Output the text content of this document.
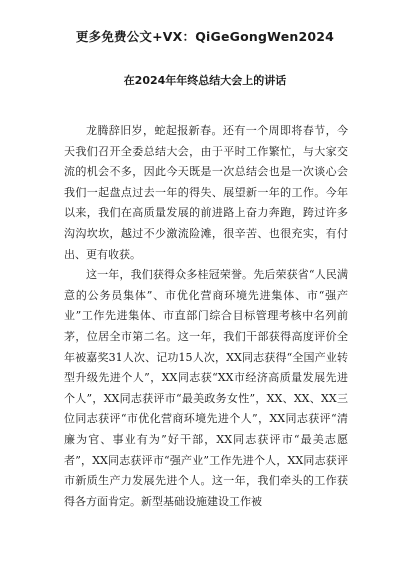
更多免费公文+VX：QiGeGongWen2024
在2024年年终总结大会上的讲话

龙腾辞旧岁，蛇起报新春。还有一个周即将春节，今天我们召开全委总结大会，由于平时工作繁忙，与大家交流的机会不多，因此今天既是一次总结会也是一次谈心会我们一起盘点过去一年的得失、展望新一年的工作。今年以来，我们在高质量发展的前进路上奋力奔跑，跨过许多沟沟坎坎，越过不少激流险滩，很辛苦、也很充实，有付出、更有收获。

这一年，我们获得众多桂冠荣誉。先后荣获省“人民满意的公务员集体”、市优化营商环境先进集体、市“强产业”工作先进集体、市直部门综合目标管理考核中名列前茅，位居全市第二名。这一年，我们干部获得高度评价全年被嘉奖31人次、记功15人次，XX同志获得“全国产业转型升级先进个人”，XX同志获“XX市经济高质量发展先进个人”，XX同志获评市“最美政务女性”，XX、XX、XX三位同志获评“市优化营商环境先进个人”，XX同志获评“清廉为官、事业有为”好干部，XX同志获评市“最美志愿者”，XX同志获评市“强产业”工作先进个人，XX同志获评市新质生产力发展先进个人。这一年，我们牵头的工作获得各方面肯定。新型基础设施建设工作被
